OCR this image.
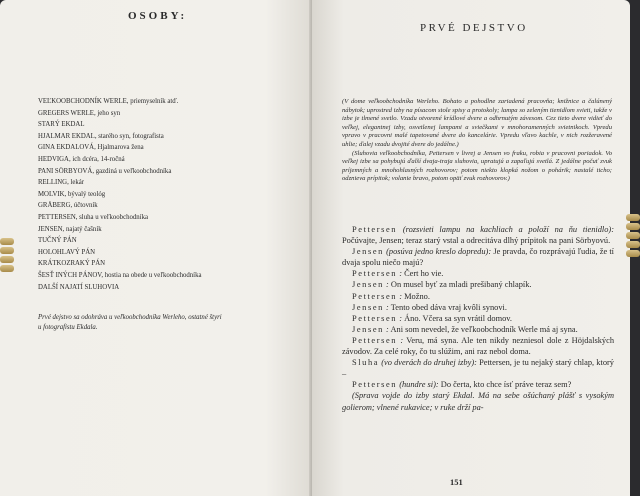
OSOBY:
VEĽKOOBCHODNÍK WERLE, priemyselník atď.
GREGERS WERLE, jeho syn
STARÝ EKDAL
HJALMAR EKDAL, starého syn, fotografista
GINA EKDALOVÁ, Hjalmarova žena
HEDVIGA, ich dcéra, 14-ročná
PANI SÖRBYOVÁ, gazdiná u veľkoobchodníka
RELLING, lekár
MOLVIK, bývalý teológ
GRÅBERG, účtovník
PETTERSEN, sluha u veľkoobchodníka
JENSEN, najatý čašník
TUČNÝ PÁN
HOLOHLAVÝ PÁN
KRÁTKOZRAKÝ PÁN
ŠESŤ INÝCH PÁNOV, hostia na obede u veľkoobchodníka
DALŠÍ NAJATÍ SLUHOVIA
Prvé dejstvo sa odohráva u veľkoobchodníka Werleho, ostatné štyri
u fotografistu Ekdala.
PRVÉ DEJSTVO

(V dome veľkoobchodníka Werleho. Bohato a pohodlne zariadená pracovňa; knižnice a čalúnený nábytok; uprostred izby na písacom stole spisy a protokoly; lampa so zeleným tienidlom svieti, takže v izbe je tlmené svetlo. Vzadu otvorené krídlové dvere a odhrnutým závesom. Cez tieto dvere vidieť do veľkej, elegantnej izby, osvetlenej lampami a sviečkami v mnohoramenných svietnikoch. Vpredu vpravo v pracovni malé tapetované dvere do kancelárie. Vpredu vľavo kachle, v nich rozžeravené uhlie; ďalej vzadu dvojité dvere do jedálne.)

(Sluhovia veľkoobchodníka, Pettersen v livrej a Jensen vo fraku, robia v pracovni poriadok. Vo veľkej izbe sa pohybujú ďalší dvaja-traja sluhovia, upratujú a zapaľujú svetlá. Z jedálne počuť zvuk príjemných a mnohohlasných rozhovorov; potom niekto klopká nožom o pohárik; nastalé ticho; odznieva prípitok; volanie bravo, potom opäť zvuk rozhovorov.)

Pettersen (rozsvieti lampu na kachliach a položí na ňu tienidlo): Počúvajte, Jensen; teraz starý vstal a odrecitáva dlhý prípitok na pani Sörbyovú.

Jensen (posúva jedno kreslo dopredu): Je pravda, čo rozprávajú ľudia, že tí dvaja spolu niečo majú?

Pettersen : Čert ho vie.

Jensen : On musel byť za mladi prešibaný chlapík.

Pettersen : Možno.

Jensen : Tento obed dáva vraj kvôli synovi.

Pettersen : Áno. Včera sa syn vrátil domov.

Jensen : Ani som nevedel, že veľkoobchodník Werle má aj syna.

Pettersen : Veru, má syna. Ale ten nikdy nezniesol dole z Höjdalských závodov. Za celé roky, čo tu slúžim, ani raz nebol doma.

Sluha (vo dverách do druhej izby): Pettersen, je tu nejaký starý chlap, ktorý –

Pettersen (hundre si): Do čerta, kto chce ísť práve teraz sem?

(Sprava vojde do izby starý Ekdal. Má na sebe ošúchaný plášť s vysokým golierom; vlnené rukavice; v ruke drží pa-

151
